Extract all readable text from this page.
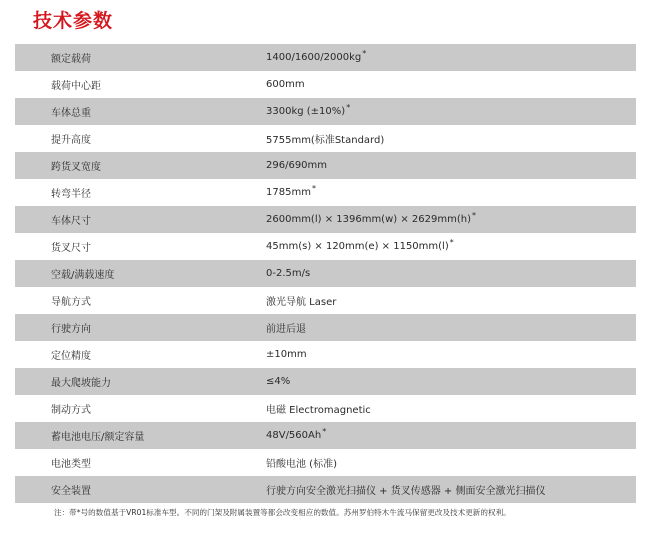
技术参数
额定载荷	1400/1600/2000kg*
载荷中心距	600mm
车体总重	3300kg (±10%)*
提升高度	5755mm(标准Standard)
跨货叉宽度	296/690mm
转弯半径	1785mm*
车体尺寸	2600mm(l) × 1396mm(w) × 2629mm(h)*
货叉尺寸	45mm(s) × 120mm(e) × 1150mm(l)*
空载/满载速度	0-2.5m/s
导航方式	激光导航 Laser
行驶方向	前进后退
定位精度	±10mm
最大爬坡能力	≤4%
制动方式	电磁 Electromagnetic
蓄电池电压/额定容量	48V/560Ah*
电池类型	铅酸电池 (标准)
安全装置	行驶方向安全激光扫描仪 + 货叉传感器 + 侧面安全激光扫描仪
注：带*号的数值基于VR01标准车型。不同的门架及附属装置等都会改变相应的数值。苏州罗伯特木牛流马保留更改及技术更新的权利。
